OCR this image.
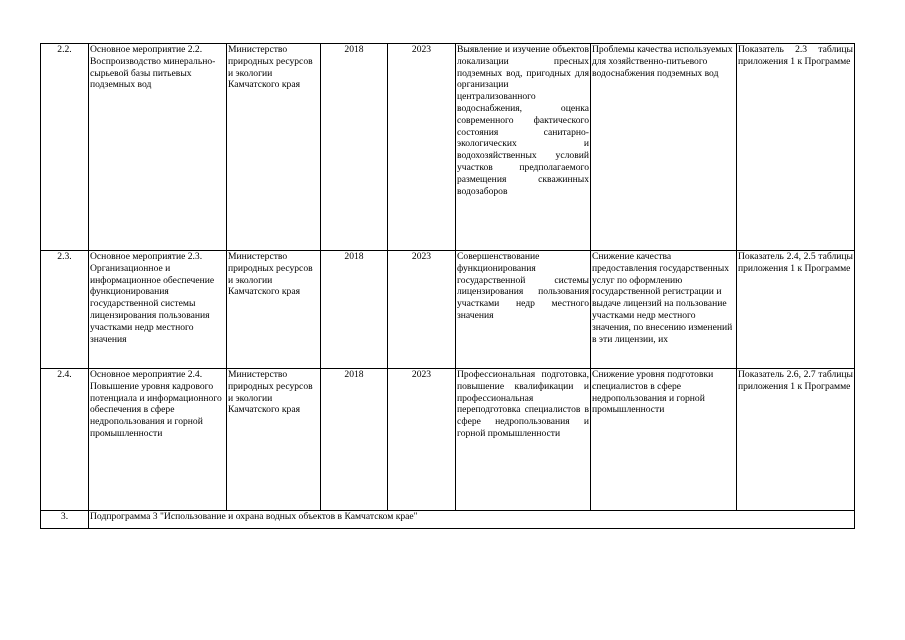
2.2.	Основное мероприятие 2.2. Воспроизводство минерально-сырьевой базы питьевых подземных вод	Министерство природных ресурсов и экологии Камчатского края	2018	2023	Выявление и изучение объектов локализации пресных подземных вод, пригодных для организации централизованного водоснабжения, оценка современного фактического состояния санитарно-экологических и водохозяйственных условий участков предполагаемого размещения скважинных водозаборов	Проблемы качества используемых для хозяйственно-питьевого водоснабжения подземных вод	Показатель 2.3 таблицы приложения 1 к Программе
2.3.	Основное мероприятие 2.3. Организационное и информационное обеспечение функционирования государственной системы лицензирования пользования участками недр местного значения	Министерство природных ресурсов и экологии Камчатского края	2018	2023	Совершенствование функционирования государственной системы лицензирования пользования участками недр местного значения	Снижение качества предоставления государственных услуг по оформлению государственной регистрации и выдаче лицензий на пользование участками недр местного значения, по внесению изменений в эти лицензии, их	Показатель 2.4, 2.5 таблицы приложения 1 к Программе
2.4.	Основное мероприятие 2.4. Повышение уровня кадрового потенциала и информационного обеспечения в сфере недропользования и горной промышленности	Министерство природных ресурсов и экологии Камчатского края	2018	2023	Профессиональная подготовка, повышение квалификации и профессиональная переподготовка специалистов в сфере недропользования и горной промышленности	Снижение уровня подготовки специалистов в сфере недропользования и горной промышленности	Показатель 2.6, 2.7 таблицы приложения 1 к Программе
3.	Подпрограмма 3 "Использование и охрана водных объектов в Камчатском крае"						
